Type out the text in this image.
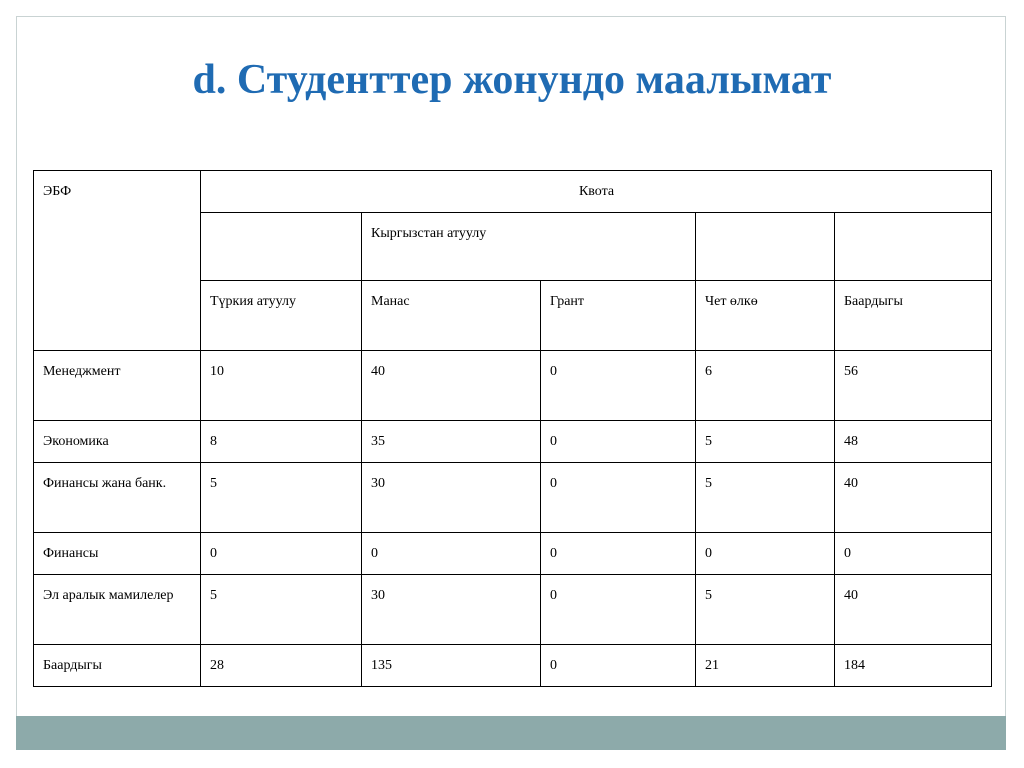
d. Студенттер жонундо маалымат
ЭБФ	Квота				
		Кыргызстан атуулу			
	Түркия атуулу	Манас	Грант	Чет өлкө	Баардыгы
Менеджмент	10	40	0	6	56
Экономика	8	35	0	5	48
Финансы жана банк.	5	30	0	5	40
Финансы	0	0	0	0	0
Эл аралык мамилелер	5	30	0	5	40
Баардыгы	28	135	0	21	184
